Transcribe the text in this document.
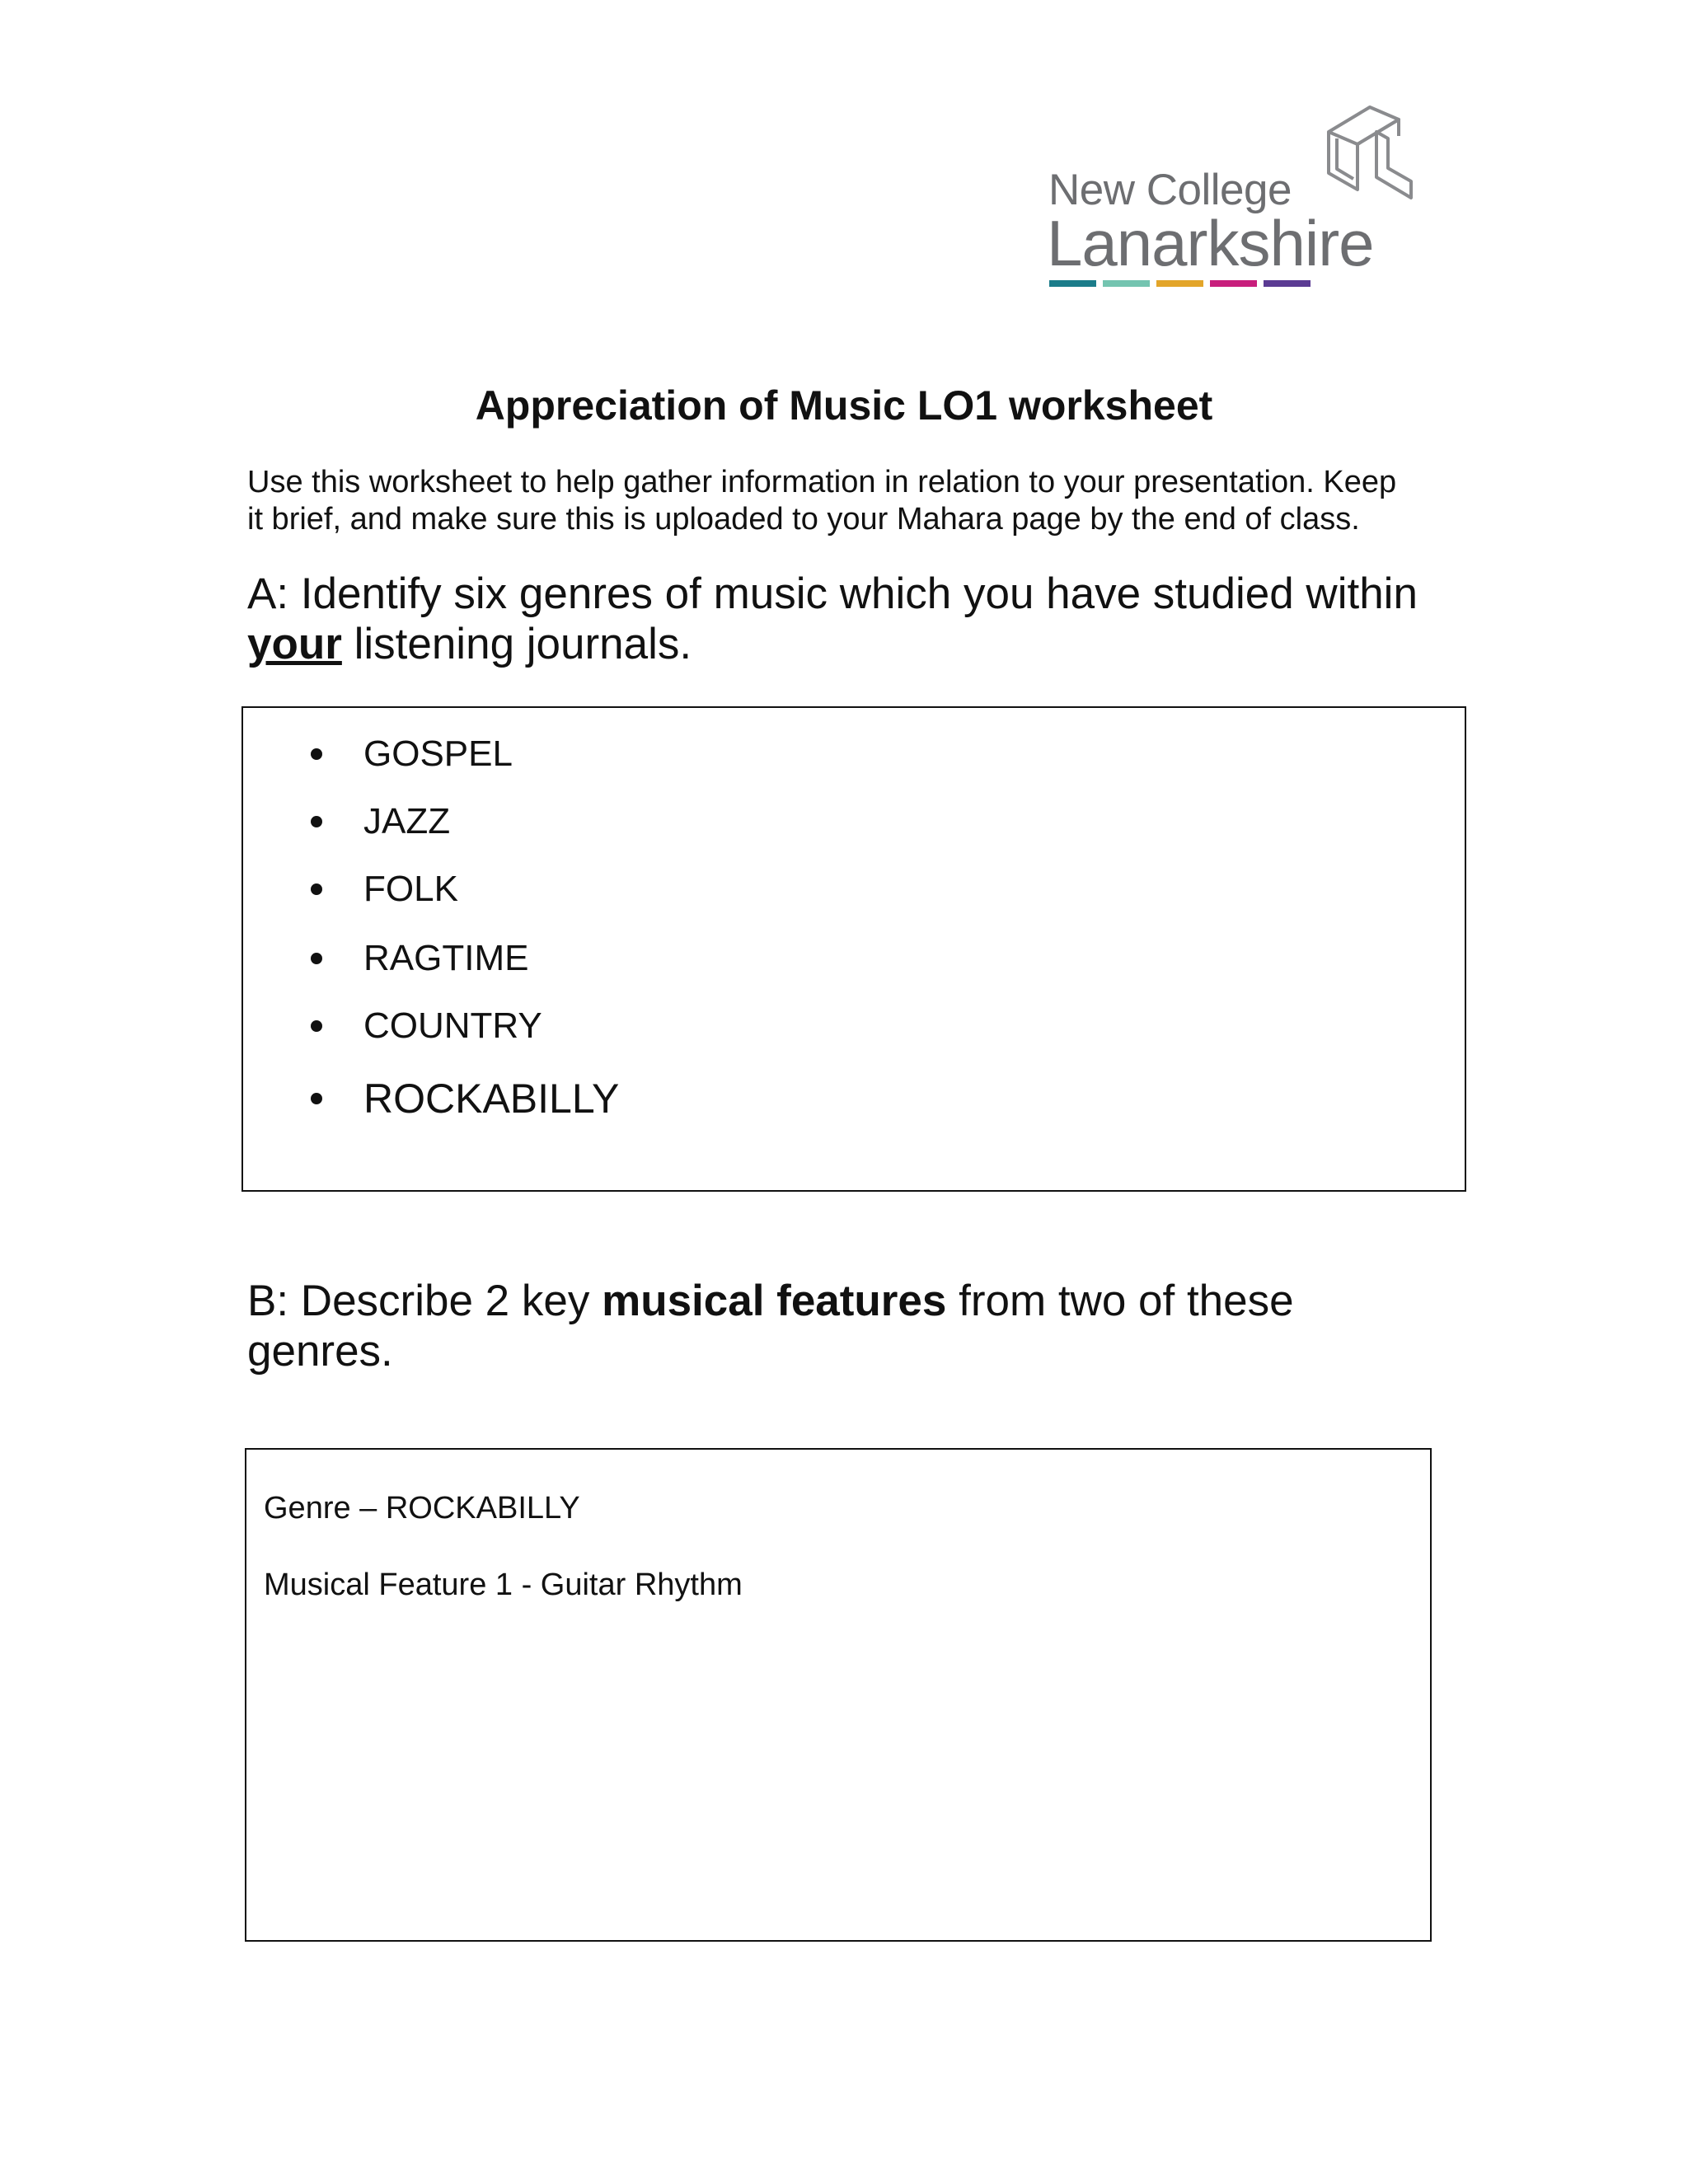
New College
Lanarkshire
Appreciation of Music LO1 worksheet
Use this worksheet to help gather information in relation to your presentation. Keep
it brief, and make sure this is uploaded to your Mahara page by the end of class.
A: Identify six genres of music which you have studied within
your listening journals.
GOSPEL
JAZZ
FOLK
RAGTIME
COUNTRY
ROCKABILLY
B: Describe 2 key musical features from two of these
genres.
Genre – ROCKABILLY
Musical Feature 1 - Guitar Rhythm
